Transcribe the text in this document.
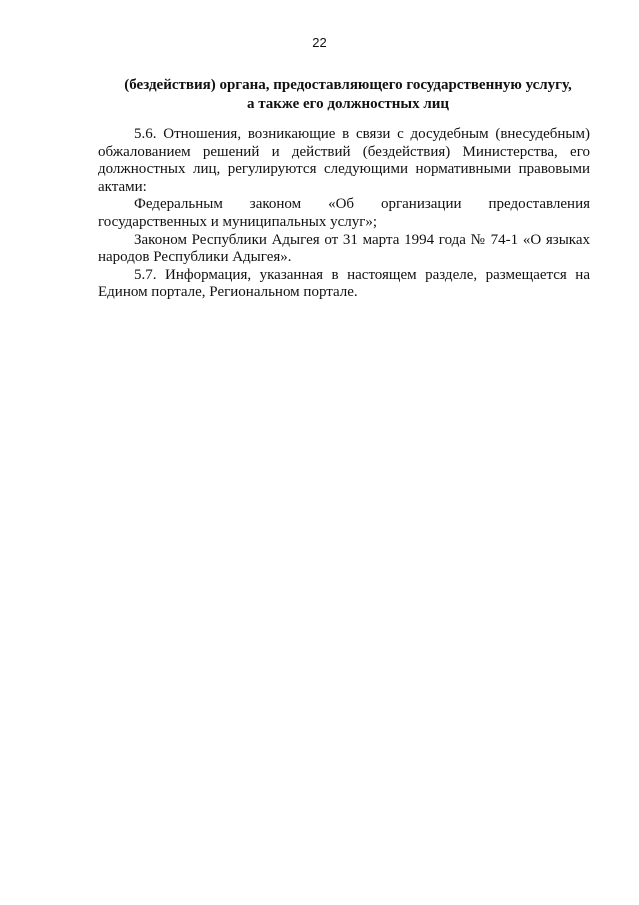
22
(бездействия) органа, предоставляющего государственную услугу,
а также его должностных лиц

5.6. Отношения, возникающие в связи с досудебным (внесудебным) обжалованием решений и действий (бездействия) Министерства, его должностных лиц, регулируются следующими нормативными правовыми актами:

Федеральным законом «Об организации предоставления

государственных и муниципальных услуг»;

Законом Республики Адыгея от 31 марта 1994 года № 74-1 «О языках народов Республики Адыгея».

5.7. Информация, указанная в настоящем разделе, размещается на Едином портале, Региональном портале.
